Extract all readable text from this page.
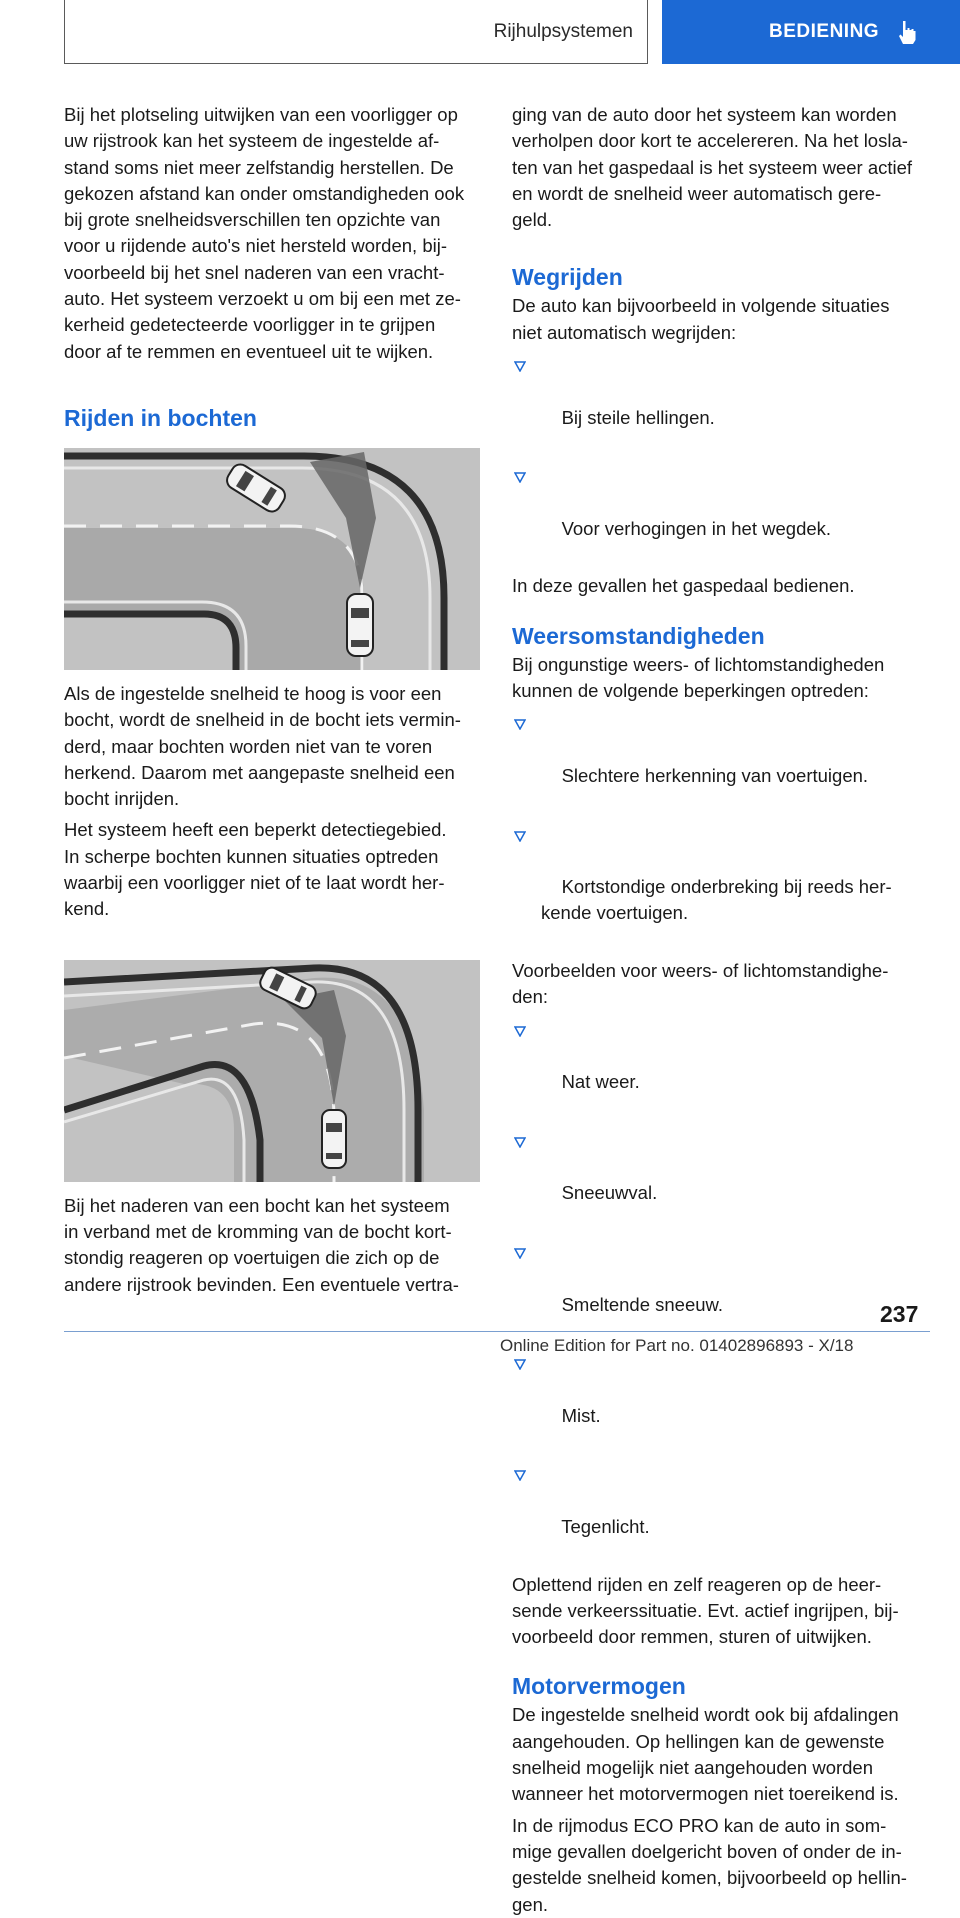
Rijhulpsystemen	BEDIENING

Bij het plotseling uitwijken van een voorligger op
uw rijstrook kan het systeem de ingestelde af-
stand soms niet meer zelfstandig herstellen. De
gekozen afstand kan onder omstandigheden ook
bij grote snelheidsverschillen ten opzichte van
voor u rijdende auto's niet hersteld worden, bij-
voorbeeld bij het snel naderen van een vracht-
auto. Het systeem verzoekt u om bij een met ze-
kerheid gedetecteerde voorligger in te grijpen
door af te remmen en eventueel uit te wijken.

Rijden in bochten

Als de ingestelde snelheid te hoog is voor een
bocht, wordt de snelheid in de bocht iets vermin-
derd, maar bochten worden niet van te voren
herkend. Daarom met aangepaste snelheid een
bocht inrijden.

Het systeem heeft een beperkt detectiegebied.
In scherpe bochten kunnen situaties optreden
waarbij een voorligger niet of te laat wordt her-
kend.

Bij het naderen van een bocht kan het systeem
in verband met de kromming van de bocht kort-
stondig reageren op voertuigen die zich op de
andere rijstrook bevinden. Een eventuele vertra-

ging van de auto door het systeem kan worden
verholpen door kort te accelereren. Na het losla-
ten van het gaspedaal is het systeem weer actief
en wordt de snelheid weer automatisch gere-
geld.

Wegrijden

De auto kan bijvoorbeeld in volgende situaties
niet automatisch wegrijden:

Bij steile hellingen.

Voor verhogingen in het wegdek.

In deze gevallen het gaspedaal bedienen.

Weersomstandigheden

Bij ongunstige weers- of lichtomstandigheden
kunnen de volgende beperkingen optreden:

Slechtere herkenning van voertuigen.

Kortstondige onderbreking bij reeds her-
kende voertuigen.

Voorbeelden voor weers- of lichtomstandighe-
den:

Nat weer.

Sneeuwval.

Smeltende sneeuw.

Mist.

Tegenlicht.

Oplettend rijden en zelf reageren op de heer-
sende verkeerssituatie. Evt. actief ingrijpen, bij-
voorbeeld door remmen, sturen of uitwijken.

Motorvermogen

De ingestelde snelheid wordt ook bij afdalingen
aangehouden. Op hellingen kan de gewenste
snelheid mogelijk niet aangehouden worden
wanneer het motorvermogen niet toereikend is.

In de rijmodus ECO PRO kan de auto in som-
mige gevallen doelgericht boven of onder de in-
gestelde snelheid komen, bijvoorbeeld op hellin-
gen.

237
Online Edition for Part no. 01402896893 - X/18
